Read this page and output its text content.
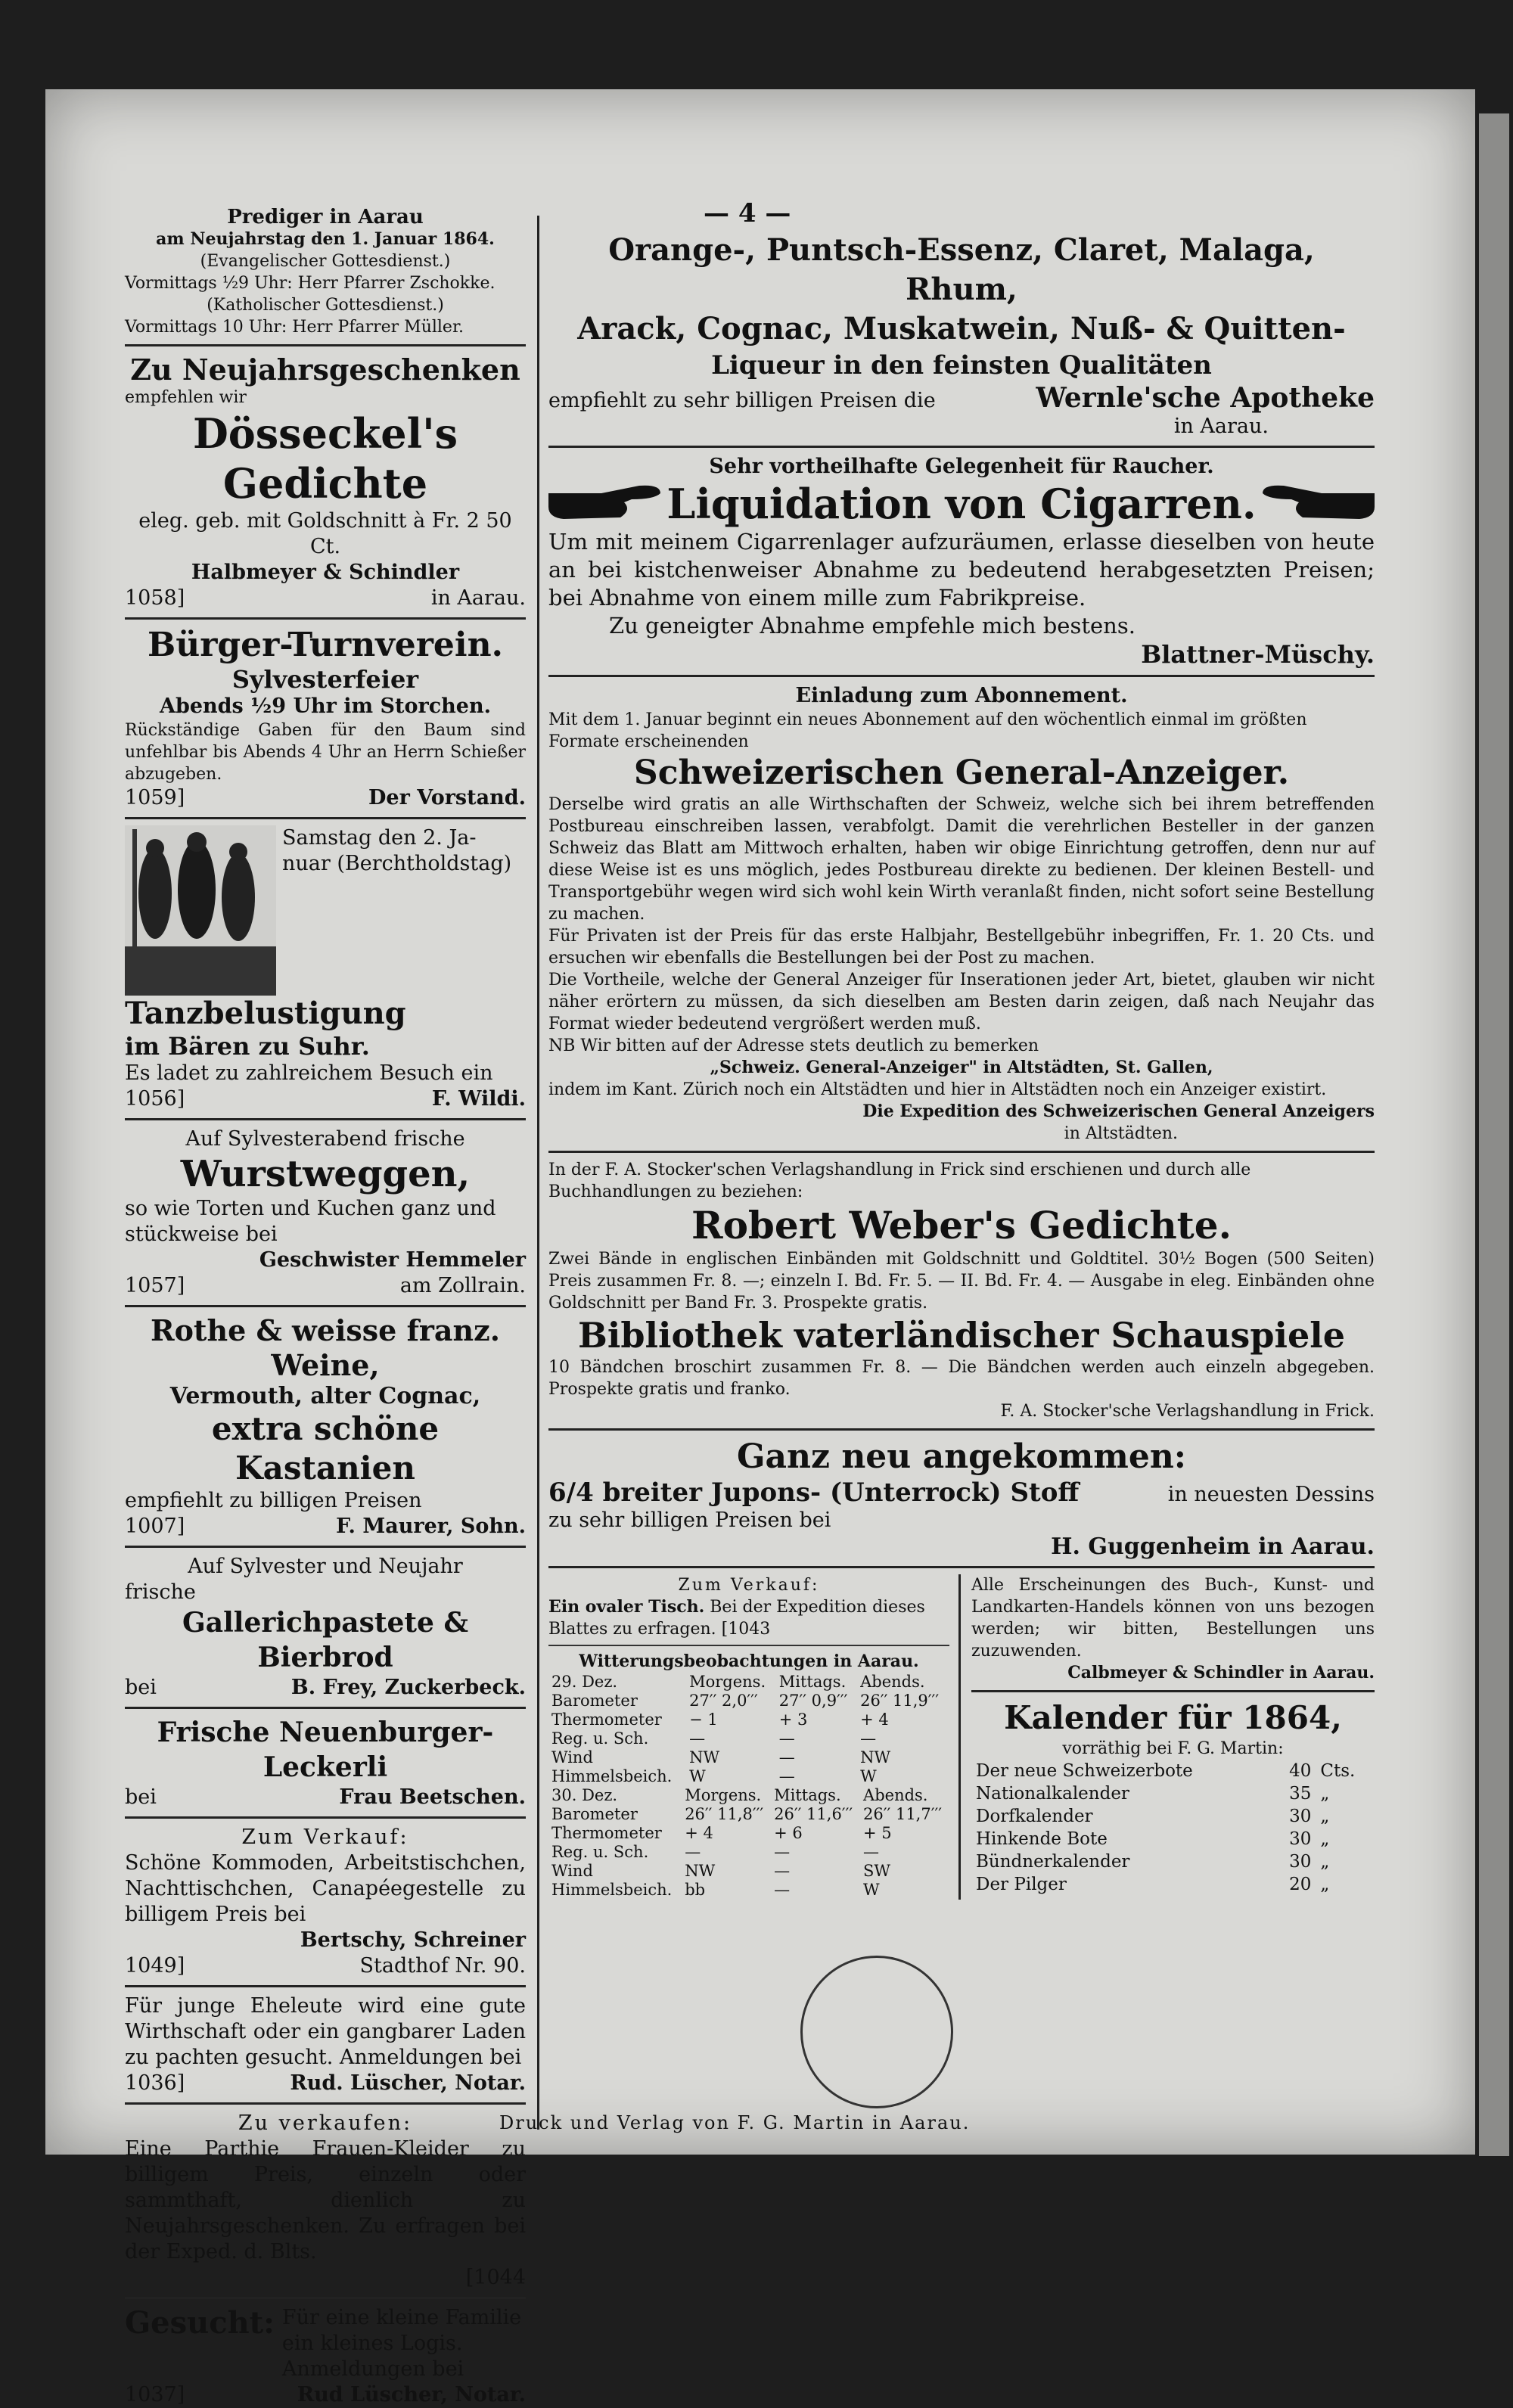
— 4 —
Prediger in Aarau
am Neujahrstag den 1. Januar 1864.
(Evangelischer Gottesdienst.)
Vormittags ½9 Uhr: Herr Pfarrer Zschokke.
(Katholischer Gottesdienst.)
Vormittags 10 Uhr: Herr Pfarrer Müller.
Zu Neujahrsgeschenken
empfehlen wir
Dösseckel's Gedichte
eleg. geb. mit Goldschnitt à Fr. 2 50 Ct.
Halbmeyer & Schindler
1058]	in Aarau.
Bürger-Turnverein.
Sylvesterfeier
Abends ½9 Uhr im Storchen.
Rückständige Gaben für den Baum sind unfehlbar bis Abends 4 Uhr an Herrn Schießer abzugeben.
1059]	Der Vorstand.
Samstag den 2. Ja-
nuar (Berchtholdstag)
Tanzbelustigung
im Bären zu Suhr.
Es ladet zu zahlreichem Besuch ein
1056]	F. Wildi.
Auf Sylvesterabend frische
Wurstweggen,
so wie Torten und Kuchen ganz und stückweise bei
Geschwister Hemmeler
1057]	am Zollrain.
Rothe & weisse franz. Weine,
Vermouth, alter Cognac,
extra schöne Kastanien
empfiehlt zu billigen Preisen
1007]	F. Maurer, Sohn.
Auf Sylvester und Neujahr
frische
Gallerichpastete & Bierbrod
bei	B. Frey, Zuckerbeck.
Frische Neuenburger-Leckerli
bei	Frau Beetschen.
Zum Verkauf:
Schöne Kommoden, Arbeitstischchen, Nachttischchen, Canapéegestelle zu billigem Preis bei
Bertschy, Schreiner
1049]	Stadthof Nr. 90.
Für junge Eheleute wird eine gute Wirthschaft oder ein gangbarer Laden zu pachten gesucht. Anmeldungen bei
1036]	Rud. Lüscher, Notar.
Zu verkaufen:
Eine Parthie Frauen-Kleider zu billigem Preis, einzeln oder sammthaft, dienlich zu Neujahrsgeschenken. Zu erfragen bei der Exped. d. Blts.
[1044
Gesucht: Für eine kleine Familie ein kleines Logis. Anmeldungen bei
1037]	Rud Lüscher, Notar.
Orange-, Puntsch-Essenz, Claret, Malaga, Rhum,
Arack, Cognac, Muskatwein, Nuß- & Quitten-
Liqueur in den feinsten Qualitäten
empfiehlt zu sehr billigen Preisen die	Wernle'sche Apotheke
in Aarau.
Sehr vortheilhafte Gelegenheit für Raucher.
Liquidation von Cigarren.
Um mit meinem Cigarrenlager aufzuräumen, erlasse dieselben von heute an bei kistchenweiser Abnahme zu bedeutend herabgesetzten Preisen; bei Abnahme von einem mille zum Fabrikpreise.
Zu geneigter Abnahme empfehle mich bestens.
Blattner-Müschy.
Einladung zum Abonnement.
Mit dem 1. Januar beginnt ein neues Abonnement auf den wöchentlich einmal im größten Formate erscheinenden
Schweizerischen General-Anzeiger.
Derselbe wird gratis an alle Wirthschaften der Schweiz, welche sich bei ihrem betreffenden Postbureau einschreiben lassen, verabfolgt. Damit die verehrlichen Besteller in der ganzen Schweiz das Blatt am Mittwoch erhalten, haben wir obige Einrichtung getroffen, denn nur auf diese Weise ist es uns möglich, jedes Postbureau direkte zu bedienen. Der kleinen Bestell- und Transportgebühr wegen wird sich wohl kein Wirth veranlaßt finden, nicht sofort seine Bestellung zu machen.
Für Privaten ist der Preis für das erste Halbjahr, Bestellgebühr inbegriffen, Fr. 1. 20 Cts. und ersuchen wir ebenfalls die Bestellungen bei der Post zu machen.
Die Vortheile, welche der General Anzeiger für Inserationen jeder Art, bietet, glauben wir nicht näher erörtern zu müssen, da sich dieselben am Besten darin zeigen, daß nach Neujahr das Format wieder bedeutend vergrößert werden muß.
NB Wir bitten auf der Adresse stets deutlich zu bemerken
„Schweiz. General-Anzeiger" in Altstädten, St. Gallen,
indem im Kant. Zürich noch ein Altstädten und hier in Altstädten noch ein Anzeiger existirt.
Die Expedition des Schweizerischen General Anzeigers
in Altstädten.
In der F. A. Stocker'schen Verlagshandlung in Frick sind erschienen und durch alle Buchhandlungen zu beziehen:
Robert Weber's Gedichte.
Zwei Bände in englischen Einbänden mit Goldschnitt und Goldtitel. 30½ Bogen (500 Seiten) Preis zusammen Fr. 8. —; einzeln I. Bd. Fr. 5. — II. Bd. Fr. 4. — Ausgabe in eleg. Einbänden ohne Goldschnitt per Band Fr. 3. Prospekte gratis.
Bibliothek vaterländischer Schauspiele
10 Bändchen broschirt zusammen Fr. 8. — Die Bändchen werden auch einzeln abgegeben. Prospekte gratis und franko.
F. A. Stocker'sche Verlagshandlung in Frick.
Ganz neu angekommen:
6/4 breiter Jupons- (Unterrock) Stoff	in neuesten Dessins
zu sehr billigen Preisen bei
H. Guggenheim in Aarau.
Zum Verkauf:
Ein ovaler Tisch. Bei der Expedition dieses Blattes zu erfragen. [1043
Witterungsbeobachtungen in Aarau.
29. Dez.	Morgens.	Mittags.	Abends.
Barometer	27′′ 2,0′′′	27′′ 0,9′′′	26′′ 11,9′′′
Thermometer	− 1	+ 3	+ 4
Reg. u. Sch.	—	—	—
Wind	NW	—	NW
Himmelsbeich.	W	—	W
30. Dez.	Morgens.	Mittags.	Abends.
Barometer	26′′ 11,8′′′	26′′ 11,6′′′	26′′ 11,7′′′
Thermometer	+ 4	+ 6	+ 5
Reg. u. Sch.	—	—	—
Wind	NW	—	SW
Himmelsbeich.	bb	—	W
Alle Erscheinungen des Buch-, Kunst- und Landkarten-Handels können von uns bezogen werden; wir bitten, Bestellungen uns zuzuwenden.
Calbmeyer & Schindler in Aarau.
Kalender für 1864,
vorräthig bei F. G. Martin:
Der neue Schweizerbote	40	Cts.
Nationalkalender	35	„
Dorfkalender	30	„
Hinkende Bote	30	„
Bündnerkalender	30	„
Der Pilger	20	„
Druck und Verlag von F. G. Martin in Aarau.
